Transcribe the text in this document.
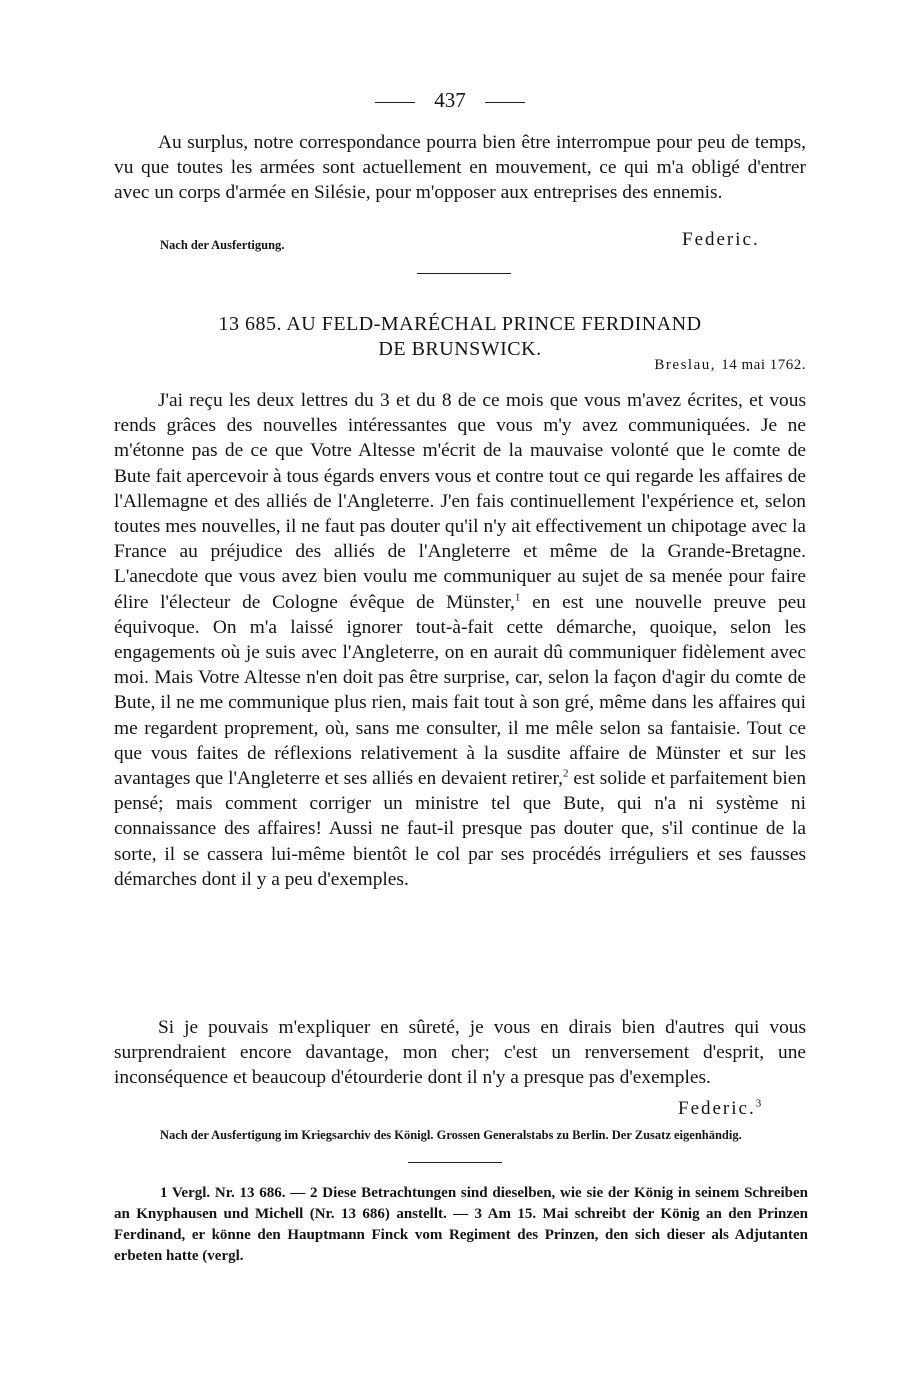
437

Au surplus, notre correspondance pourra bien être interrompue pour peu de temps, vu que toutes les armées sont actuellement en mouvement, ce qui m'a obligé d'entrer avec un corps d'armée en Silésie, pour m'opposer aux entreprises des ennemis.

Nach der Ausfertigung.	Federic.
13 685. AU FELD-MARÉCHAL PRINCE FERDINAND
DE BRUNSWICK.
Breslau, 14 mai 1762.

J'ai reçu les deux lettres du 3 et du 8 de ce mois que vous m'avez écrites, et vous rends grâces des nouvelles intéressantes que vous m'y avez communiquées. Je ne m'étonne pas de ce que Votre Altesse m'écrit de la mauvaise volonté que le comte de Bute fait apercevoir à tous égards envers vous et contre tout ce qui regarde les affaires de l'Allemagne et des alliés de l'Angleterre. J'en fais continuellement l'expérience et, selon toutes mes nouvelles, il ne faut pas douter qu'il n'y ait effectivement un chipotage avec la France au préjudice des alliés de l'Angleterre et même de la Grande-Bretagne. L'anecdote que vous avez bien voulu me communiquer au sujet de sa menée pour faire élire l'électeur de Cologne évêque de Münster,$^1$ en est une nouvelle preuve peu équivoque. On m'a laissé ignorer tout-à-fait cette démarche, quoique, selon les engagements où je suis avec l'Angleterre, on en aurait dû communiquer fidèlement avec moi. Mais Votre Altesse n'en doit pas être surprise, car, selon la façon d'agir du comte de Bute, il ne me communique plus rien, mais fait tout à son gré, même dans les affaires qui me regardent proprement, où, sans me consulter, il me mêle selon sa fantaisie. Tout ce que vous faites de réflexions relativement à la susdite affaire de Münster et sur les avantages que l'Angleterre et ses alliés en devaient retirer,$^2$ est solide et parfaitement bien pensé; mais comment corriger un ministre tel que Bute, qui n'a ni système ni connaissance des affaires! Aussi ne faut-il presque pas douter que, s'il continue de la sorte, il se cassera lui-même bientôt le col par ses procédés irréguliers et ses fausses démarches dont il y a peu d'exemples.

Si je pouvais m'expliquer en sûreté, je vous en dirais bien d'autres qui vous surprendraient encore davantage, mon cher; c'est un renversement d'esprit, une inconséquence et beaucoup d'étourderie dont il n'y a presque pas d'exemples.

Federic.$^3$
Nach der Ausfertigung im Kriegsarchiv des Königl. Grossen Generalstabs zu Berlin. Der Zusatz eigenhändig.

1 Vergl. Nr. 13 686. — 2 Diese Betrachtungen sind dieselben, wie sie der König in seinem Schreiben an Knyphausen und Michell (Nr. 13 686) anstellt. — 3 Am 15. Mai schreibt der König an den Prinzen Ferdinand, er könne den Hauptmann Finck vom Regiment des Prinzen, den sich dieser als Adjutanten erbeten hatte (vergl.
